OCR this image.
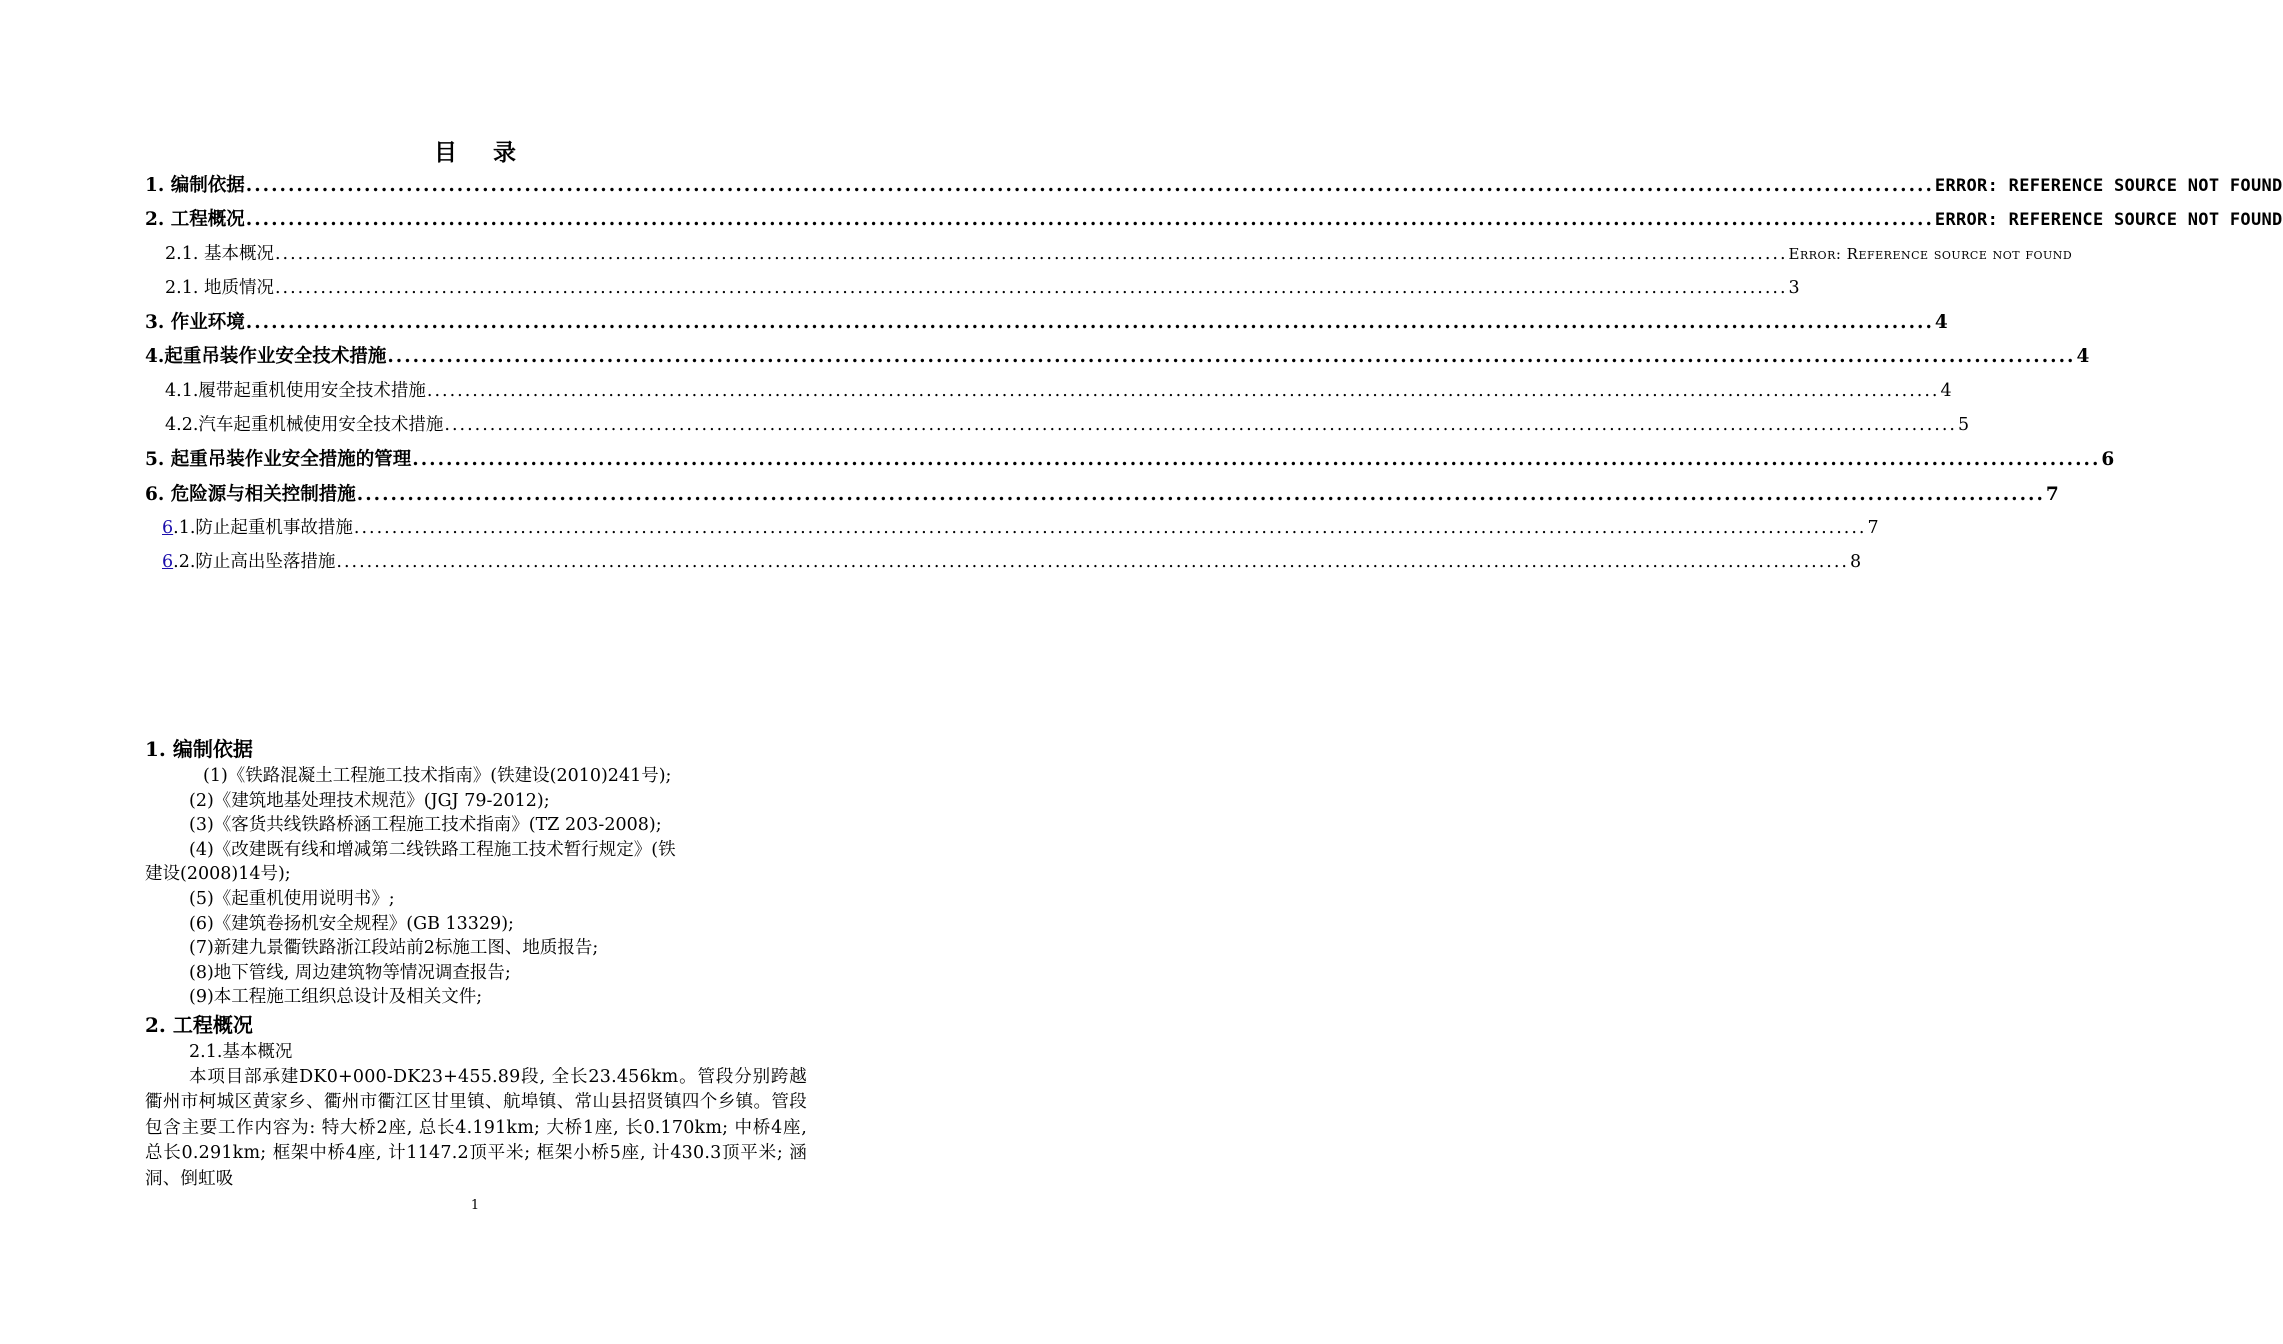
目 录
1. 编制依据 ........................................................................................................................................................................................................ ERROR: REFERENCE SOURCE NOT FOUND
2. 工程概况 ........................................................................................................................................................................................................ ERROR: REFERENCE SOURCE NOT FOUND
2.1. 基本概况 ........................................................................................................................................................................................................ Error: Reference source not found
2.1. 地质情况 ........................................................................................................................................................................................................ 3
3. 作业环境 ........................................................................................................................................................................................................ 4
4.起重吊装作业安全技术措施 ........................................................................................................................................................................................................ 4
4.1.履带起重机使用安全技术措施 ........................................................................................................................................................................................................ 4
4.2.汽车起重机械使用安全技术措施 ........................................................................................................................................................................................................ 5
5. 起重吊装作业安全措施的管理 ........................................................................................................................................................................................................ 6
6. 危险源与相关控制措施 ........................................................................................................................................................................................................ 7
6.1.防止起重机事故措施 ........................................................................................................................................................................................................ 7
6.2.防止高出坠落措施 ........................................................................................................................................................................................................ 8

1. 编制依据

(1)《铁路混凝土工程施工技术指南》(铁建设(2010)241号);

(2)《建筑地基处理技术规范》(JGJ 79-2012);

(3)《客货共线铁路桥涵工程施工技术指南》(TZ 203-2008);

(4)《改建既有线和增减第二线铁路工程施工技术暂行规定》(铁

建设(2008)14号);

(5)《起重机使用说明书》;

(6)《建筑卷扬机安全规程》(GB 13329);

(7)新建九景衢铁路浙江段站前2标施工图、地质报告;

(8)地下管线, 周边建筑物等情况调查报告;

(9)本工程施工组织总设计及相关文件;

2. 工程概况

2.1.基本概况

本项目部承建DK0+000-DK23+455.89段, 全长23.456km。管段分别跨越衢州市柯城区黄家乡、衢州市衢江区甘里镇、航埠镇、常山县招贤镇四个乡镇。管段包含主要工作内容为: 特大桥2座, 总长4.191km; 大桥1座, 长0.170km; 中桥4座, 总长0.291km; 框架中桥4座, 计1147.2顶平米; 框架小桥5座, 计430.3顶平米; 涵洞、倒虹吸

1
